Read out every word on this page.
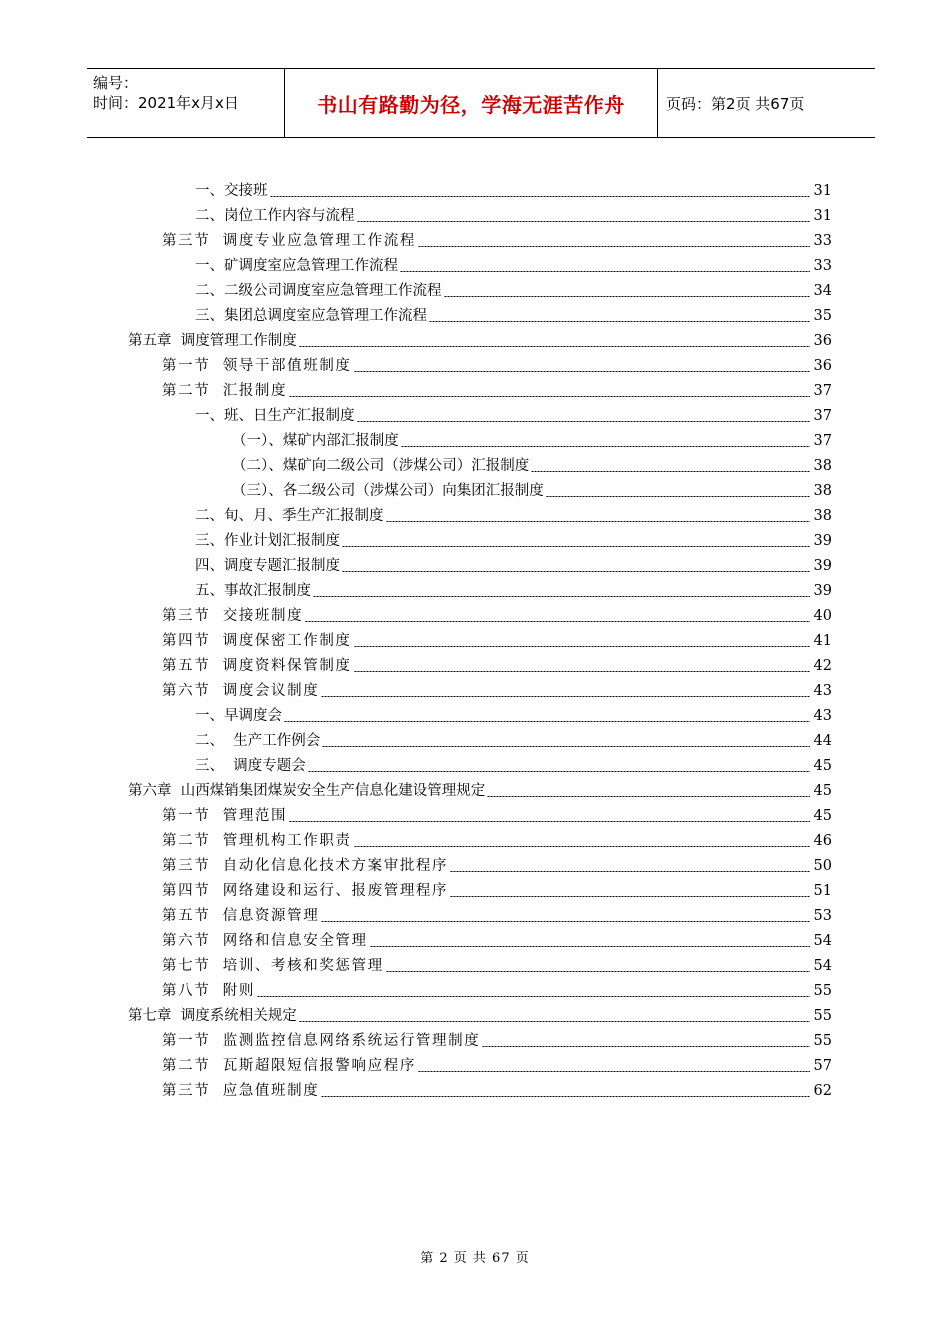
编号：
时间：2021年x月x日	书山有路勤为径，学海无涯苦作舟	页码：第2页 共67页
一、交接班	31
二、岗位工作内容与流程	31
第三节  调度专业应急管理工作流程	33
一、矿调度室应急管理工作流程	33
二、二级公司调度室应急管理工作流程	34
三、集团总调度室应急管理工作流程	35
第五章  调度管理工作制度	36
第一节  领导干部值班制度	36
第二节  汇报制度	37
一、班、日生产汇报制度	37
（一）、煤矿内部汇报制度	37
（二）、煤矿向二级公司（涉煤公司）汇报制度	38
（三）、各二级公司（涉煤公司）向集团汇报制度	38
二、旬、月、季生产汇报制度	38
三、作业计划汇报制度	39
四、调度专题汇报制度	39
五、事故汇报制度	39
第三节  交接班制度	40
第四节  调度保密工作制度	41
第五节  调度资料保管制度	42
第六节  调度会议制度	43
一、早调度会	43
二、  生产工作例会	44
三、  调度专题会	45
第六章  山西煤销集团煤炭安全生产信息化建设管理规定	45
第一节  管理范围	45
第二节  管理机构工作职责	46
第三节  自动化信息化技术方案审批程序	50
第四节  网络建设和运行、报废管理程序	51
第五节  信息资源管理	53
第六节  网络和信息安全管理	54
第七节  培训、考核和奖惩管理	54
第八节  附则	55
第七章  调度系统相关规定	55
第一节  监测监控信息网络系统运行管理制度	55
第二节  瓦斯超限短信报警响应程序	57
第三节  应急值班制度	62
第 2 页 共 67 页
